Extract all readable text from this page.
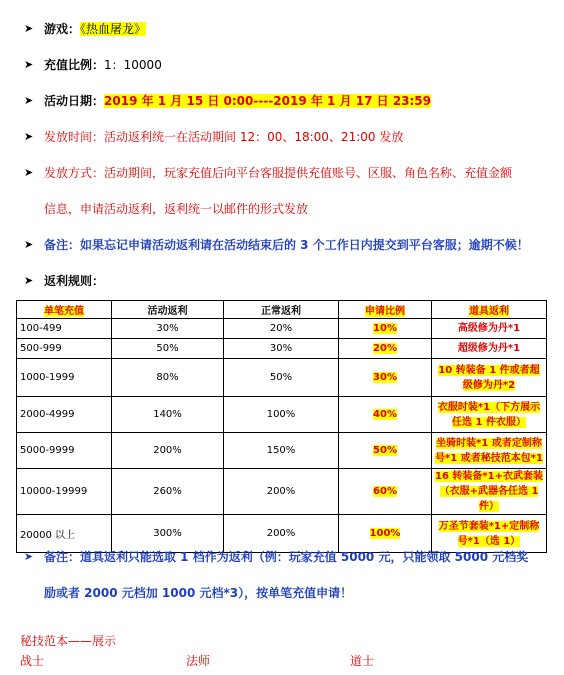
➤ 游戏：《热血屠龙》
➤ 充值比例：1：10000
➤ 活动日期：2019 年 1 月 15 日 0:00----2019 年 1 月 17 日 23:59
➤ 发放时间：活动返利统一在活动期间 12：00、18:00、21:00 发放
➤ 发放方式：活动期间，玩家充值后向平台客服提供充值账号、区服、角色名称、充值金额
信息，申请活动返利，返利统一以邮件的形式发放
➤ 备注：如果忘记申请活动返利请在活动结束后的 3 个工作日内提交到平台客服；逾期不候！
➤ 返利规则：
单笔充值	活动返利	正常返利	申请比例	道具返利
100-499	30%	20%	10%	高级修为丹*1
500-999	50%	30%	20%	超级修为丹*1
1000-1999	80%	50%	30%	10 转装备 1 件或者超级修为丹*2
2000-4999	140%	100%	40%	衣服时装*1（下方展示任选 1 件衣服）
5000-9999	200%	150%	50%	坐骑时装*1 或者定制称号*1 或者秘技范本包*1
10000-19999	260%	200%	60%	16 转装备*1+衣武套装（衣服+武器各任选 1 件）
20000 以上	300%	200%	100%	万圣节套装*1+定制称号*1（选 1）
➤ 备注：道具返利只能选取 1 档作为返利（例：玩家充值 5000 元，只能领取 5000 元档奖
励或者 2000 元档加 1000 元档*3），按单笔充值申请！
秘技范本——展示
战士	法师	道士
